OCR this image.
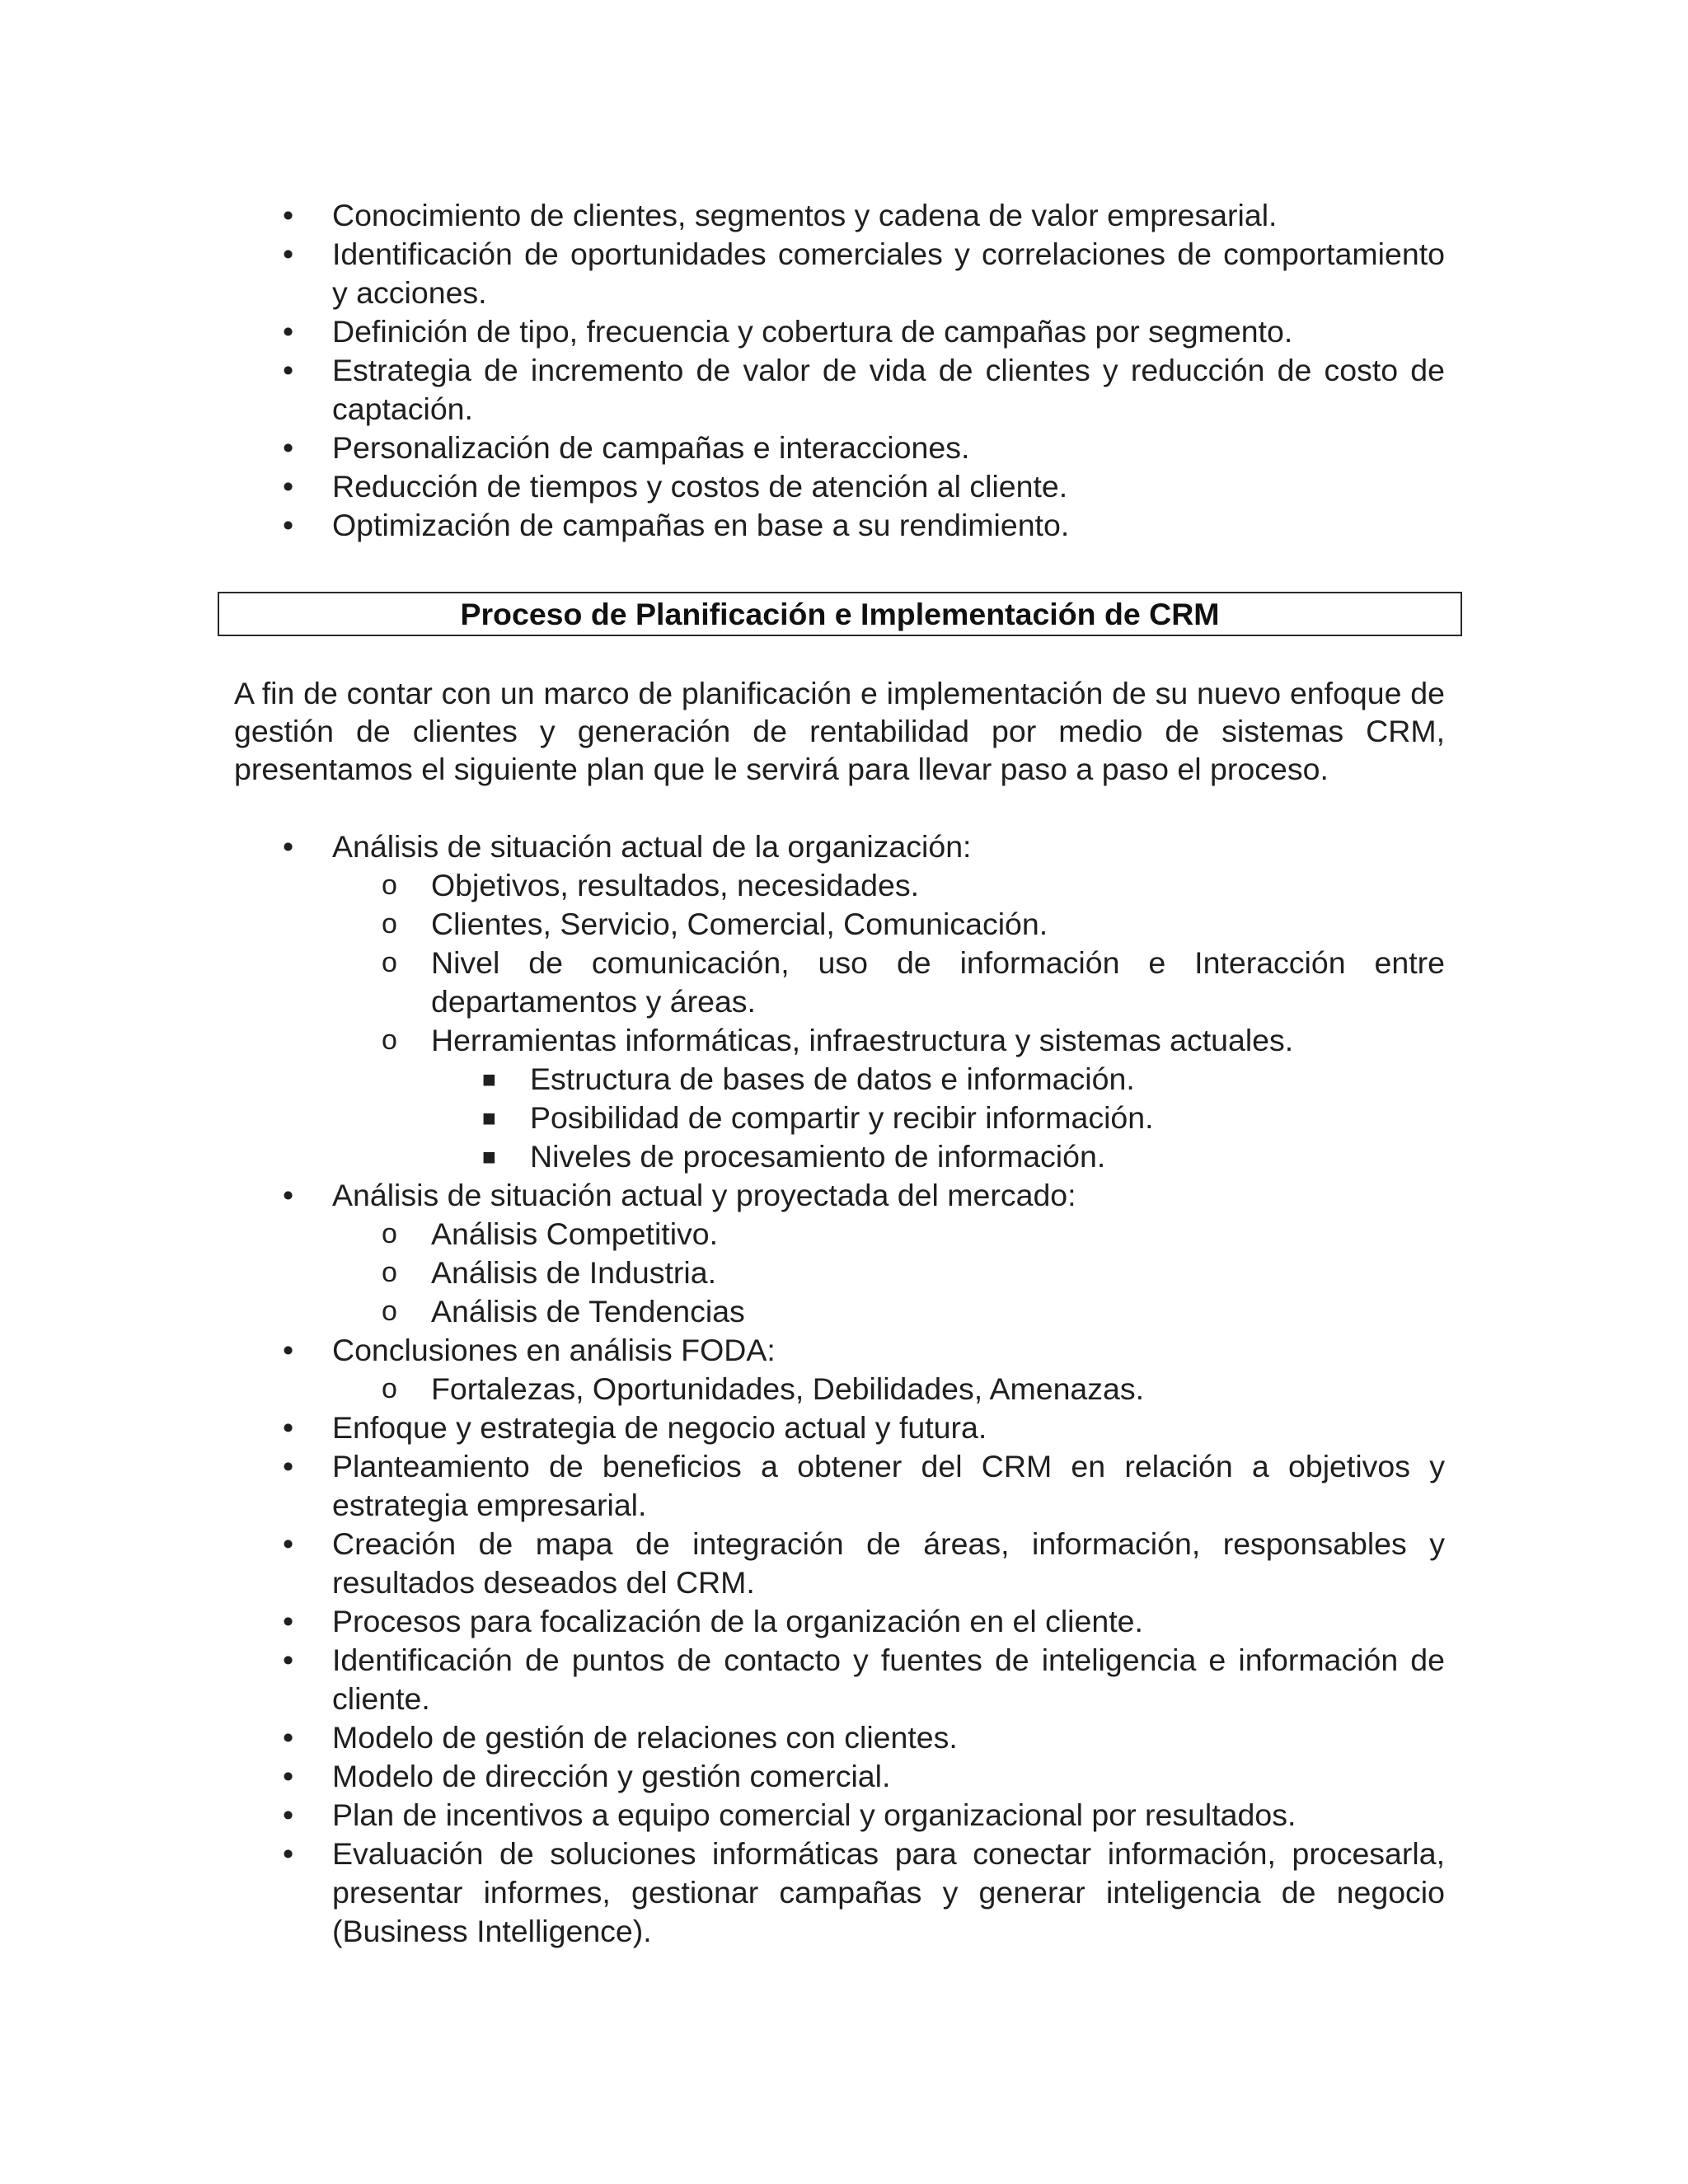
• Conocimiento de clientes, segmentos y cadena de valor empresarial.
• Identificación de oportunidades comerciales y correlaciones de comportamiento y acciones.
• Definición de tipo, frecuencia y cobertura de campañas por segmento.
• Estrategia de incremento de valor de vida de clientes y reducción de costo de captación.
• Personalización de campañas e interacciones.
• Reducción de tiempos y costos de atención al cliente.
• Optimización de campañas en base a su rendimiento.
Proceso de Planificación e Implementación de CRM

A fin de contar con un marco de planificación e implementación de su nuevo enfoque de gestión de clientes y generación de rentabilidad por medio de sistemas CRM, presentamos el siguiente plan que le servirá para llevar paso a paso el proceso.

• Análisis de situación actual de la organización:
o Objetivos, resultados, necesidades.
o Clientes, Servicio, Comercial, Comunicación.
o Nivel de comunicación, uso de información e Interacción entre departamentos y áreas.
o Herramientas informáticas, infraestructura y sistemas actuales.
■ Estructura de bases de datos e información.
■ Posibilidad de compartir y recibir información.
■ Niveles de procesamiento de información.
• Análisis de situación actual y proyectada del mercado:
o Análisis Competitivo.
o Análisis de Industria.
o Análisis de Tendencias
• Conclusiones en análisis FODA:
o Fortalezas, Oportunidades, Debilidades, Amenazas.
• Enfoque y estrategia de negocio actual y futura.
• Planteamiento de beneficios a obtener del CRM en relación a objetivos y estrategia empresarial.
• Creación de mapa de integración de áreas, información, responsables y resultados deseados del CRM.
• Procesos para focalización de la organización en el cliente.
• Identificación de puntos de contacto y fuentes de inteligencia e información de cliente.
• Modelo de gestión de relaciones con clientes.
• Modelo de dirección y gestión comercial.
• Plan de incentivos a equipo comercial y organizacional por resultados.
• Evaluación de soluciones informáticas para conectar información, procesarla, presentar informes, gestionar campañas y generar inteligencia de negocio (Business Intelligence).
